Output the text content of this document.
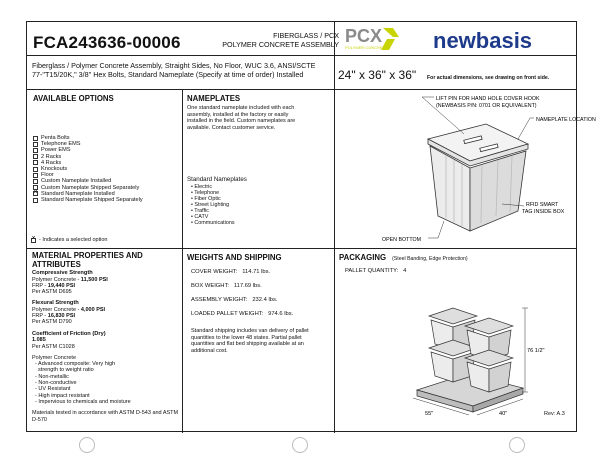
FCA243636-00006	FIBERGLASS / PCX
POLYMER CONCRETE ASSEMBLY PCX
POLYMER CONCRETE newbasis
Fiberglass / Polymer Concrete Assembly, Straight Sides, No Floor, WUC 3.6, ANSI/SCTE 77-"T15/20K," 3/8" Hex Bolts, Standard Nameplate (Specify at time of order) Installed	24" x 36" x 36" For actual dimensions, see drawing on front side.
AVAILABLE OPTIONS
Penta Bolts
Telephone EMS
Power EMS
2 Racks
4 Racks
Knockouts
Floor
Custom Nameplate Installed
Custom Nameplate Shipped Separately
×
Standard Nameplate Installed
Standard Nameplate Shipped Separately
×
- Indicates a selected option
NAMEPLATES
One standard nameplate included with each assembly, installed at the factory or easily installed in the field. Custom nameplates are available. Contact customer service.
Standard Nameplates
• Electric
• Telephone
• Fiber Optic
• Street Lighting
• Traffic
• CATV
• Communications
LIFT PIN FOR HAND HOLE COVER HOOK
(NEWBASIS P/N: 0701 OR EQUIVALENT)
NAMEPLATE LOCATION
RFID SMART
TAG INSIDE BOX
OPEN BOTTOM
MATERIAL PROPERTIES AND ATTRIBUTES

Compressive Strength

Polymer Concrete - 11,500 PSI

FRP - 19,440 PSI

Per ASTM D695

Flexural Strength

Polymer Concrete - 4,000 PSI

FRP - 16,830 PSI

Per ASTM D790

Coefficient of Friction (Dry)

1.085

Per ASTM C1028

Polymer Concrete

- Advanced composite: Very high

strength to weight ratio

- Non-metallic

- Non-conductive

- UV Resistant

- High impact resistant

- Impervious to chemicals and moisture

Materials tested in accordance with ASTM D-543 and ASTM D-570

WEIGHTS AND SHIPPING
COVER WEIGHT: 114.71 lbs.
BOX WEIGHT: 117.69 lbs.
ASSEMBLY WEIGHT: 232.4 lbs.
LOADED PALLET WEIGHT: 974.6 lbs.
Standard shipping includes van delivery of pallet quantities to the lower 48 states. Partial pallet quantities and flat bed shipping available at an additional cost.
PACKAGING (Steel Banding, Edge Protection)
PALLET QUANTITY: 4
76 1/2"
55"	40"	Rev: A.3
